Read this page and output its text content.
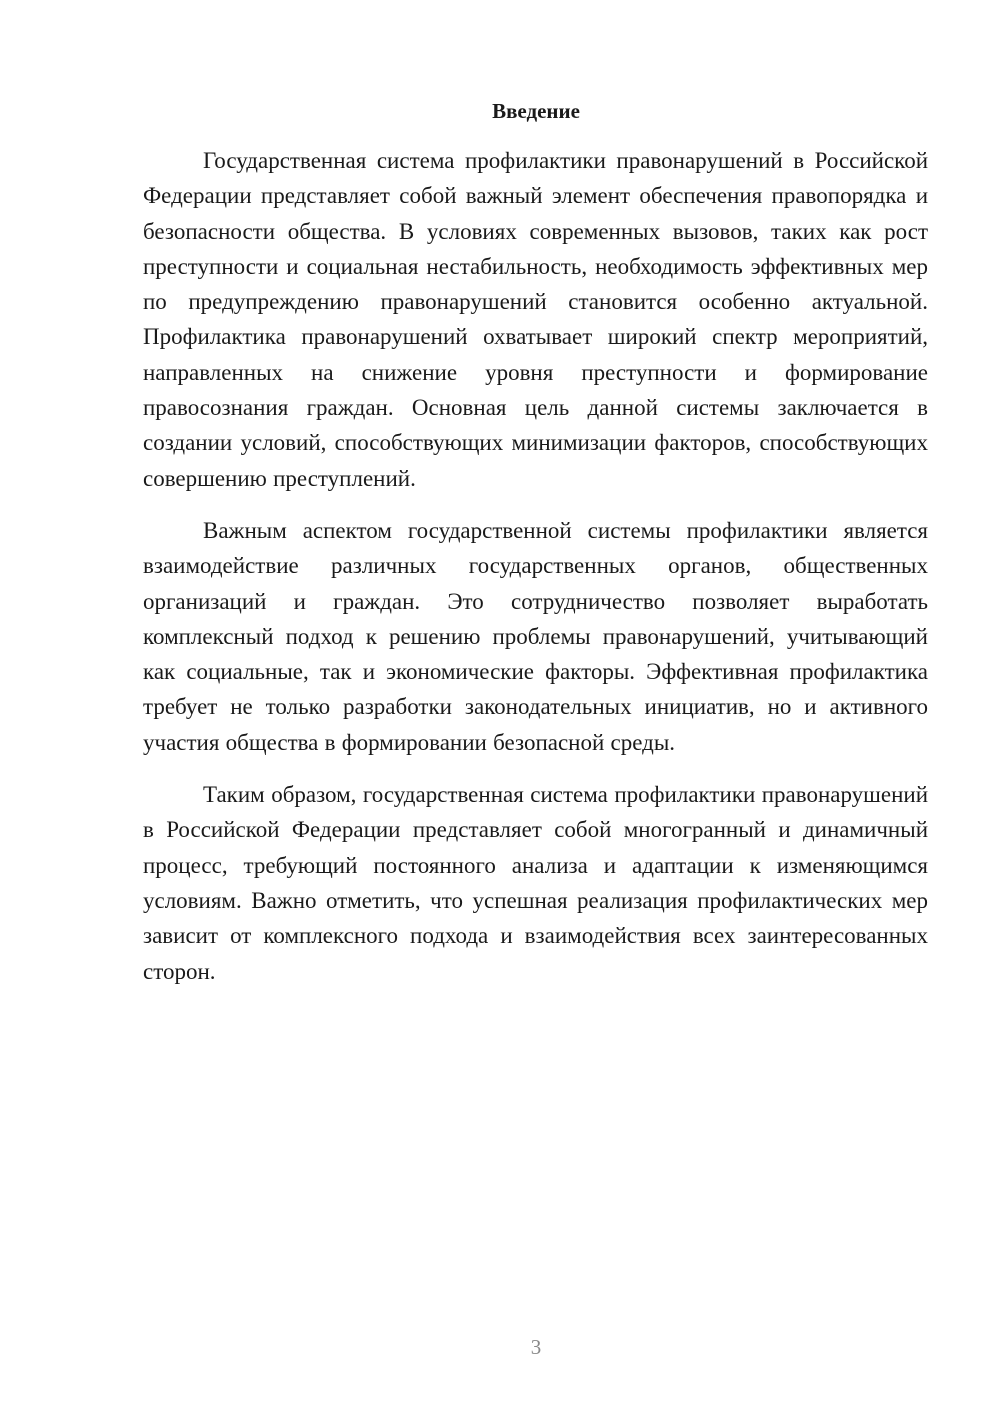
Введение

Государственная система профилактики правонарушений в Российской Федерации представляет собой важный элемент обеспечения правопорядка и безопасности общества. В условиях современных вызовов, таких как рост преступности и социальная нестабильность, необходимость эффективных мер по предупреждению правонарушений становится особенно актуальной. Профилактика правонарушений охватывает широкий спектр мероприятий, направленных на снижение уровня преступности и формирование правосознания граждан. Основная цель данной системы заключается в создании условий, способствующих минимизации факторов, способствующих совершению преступлений.

Важным аспектом государственной системы профилактики является взаимодействие различных государственных органов, общественных организаций и граждан. Это сотрудничество позволяет выработать комплексный подход к решению проблемы правонарушений, учитывающий как социальные, так и экономические факторы. Эффективная профилактика требует не только разработки законодательных инициатив, но и активного участия общества в формировании безопасной среды.

Таким образом, государственная система профилактики правонарушений в Российской Федерации представляет собой многогранный и динамичный процесс, требующий постоянного анализа и адаптации к изменяющимся условиям. Важно отметить, что успешная реализация профилактических мер зависит от комплексного подхода и взаимодействия всех заинтересованных сторон.

3
